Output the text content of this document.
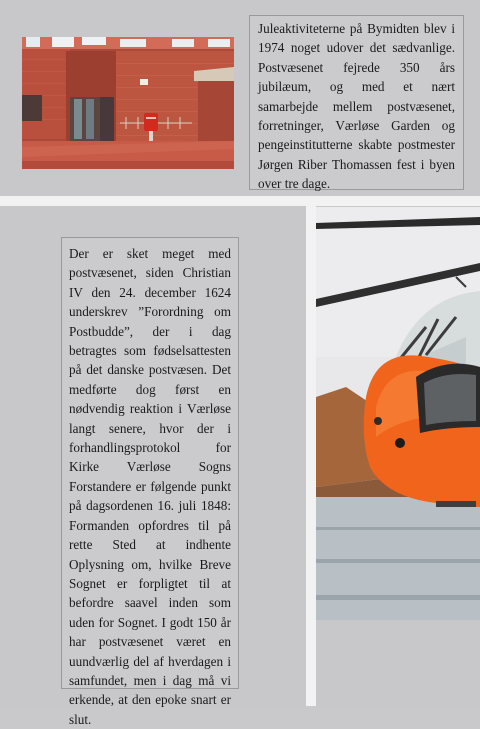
Juleaktiviteterne på Bymidten blev i 1974 noget udover det sædvanlige. Postvæsenet fejrede 350 års jubilæum, og med et nært samarbejde mellem postvæsenet, forretninger, Værløse Garden og pengeinstitutterne skabte postmester Jørgen Riber Thomassen fest i byen over tre dage.

Der er sket meget med postvæsenet, siden Christian IV den 24. december 1624 underskrev ”Forordning om Postbudde”, der i dag betragtes som fødselsattesten på det danske postvæsen. Det medførte dog først en nødvendig reaktion i Værløse langt senere, hvor der i forhandlingsprotokol for Kirke Værløse Sogns Forstandere er følgende punkt på dagsordenen 16. juli 1848: Formanden opfordres til på rette Sted at indhente Oplysning om, hvilke Breve Sognet er forpligtet til at befordre saavel inden som uden for Sognet. I godt 150 år har postvæsenet været en uundværlig del af hverdagen i samfundet, men i dag må vi erkende, at den epoke snart er slut.
